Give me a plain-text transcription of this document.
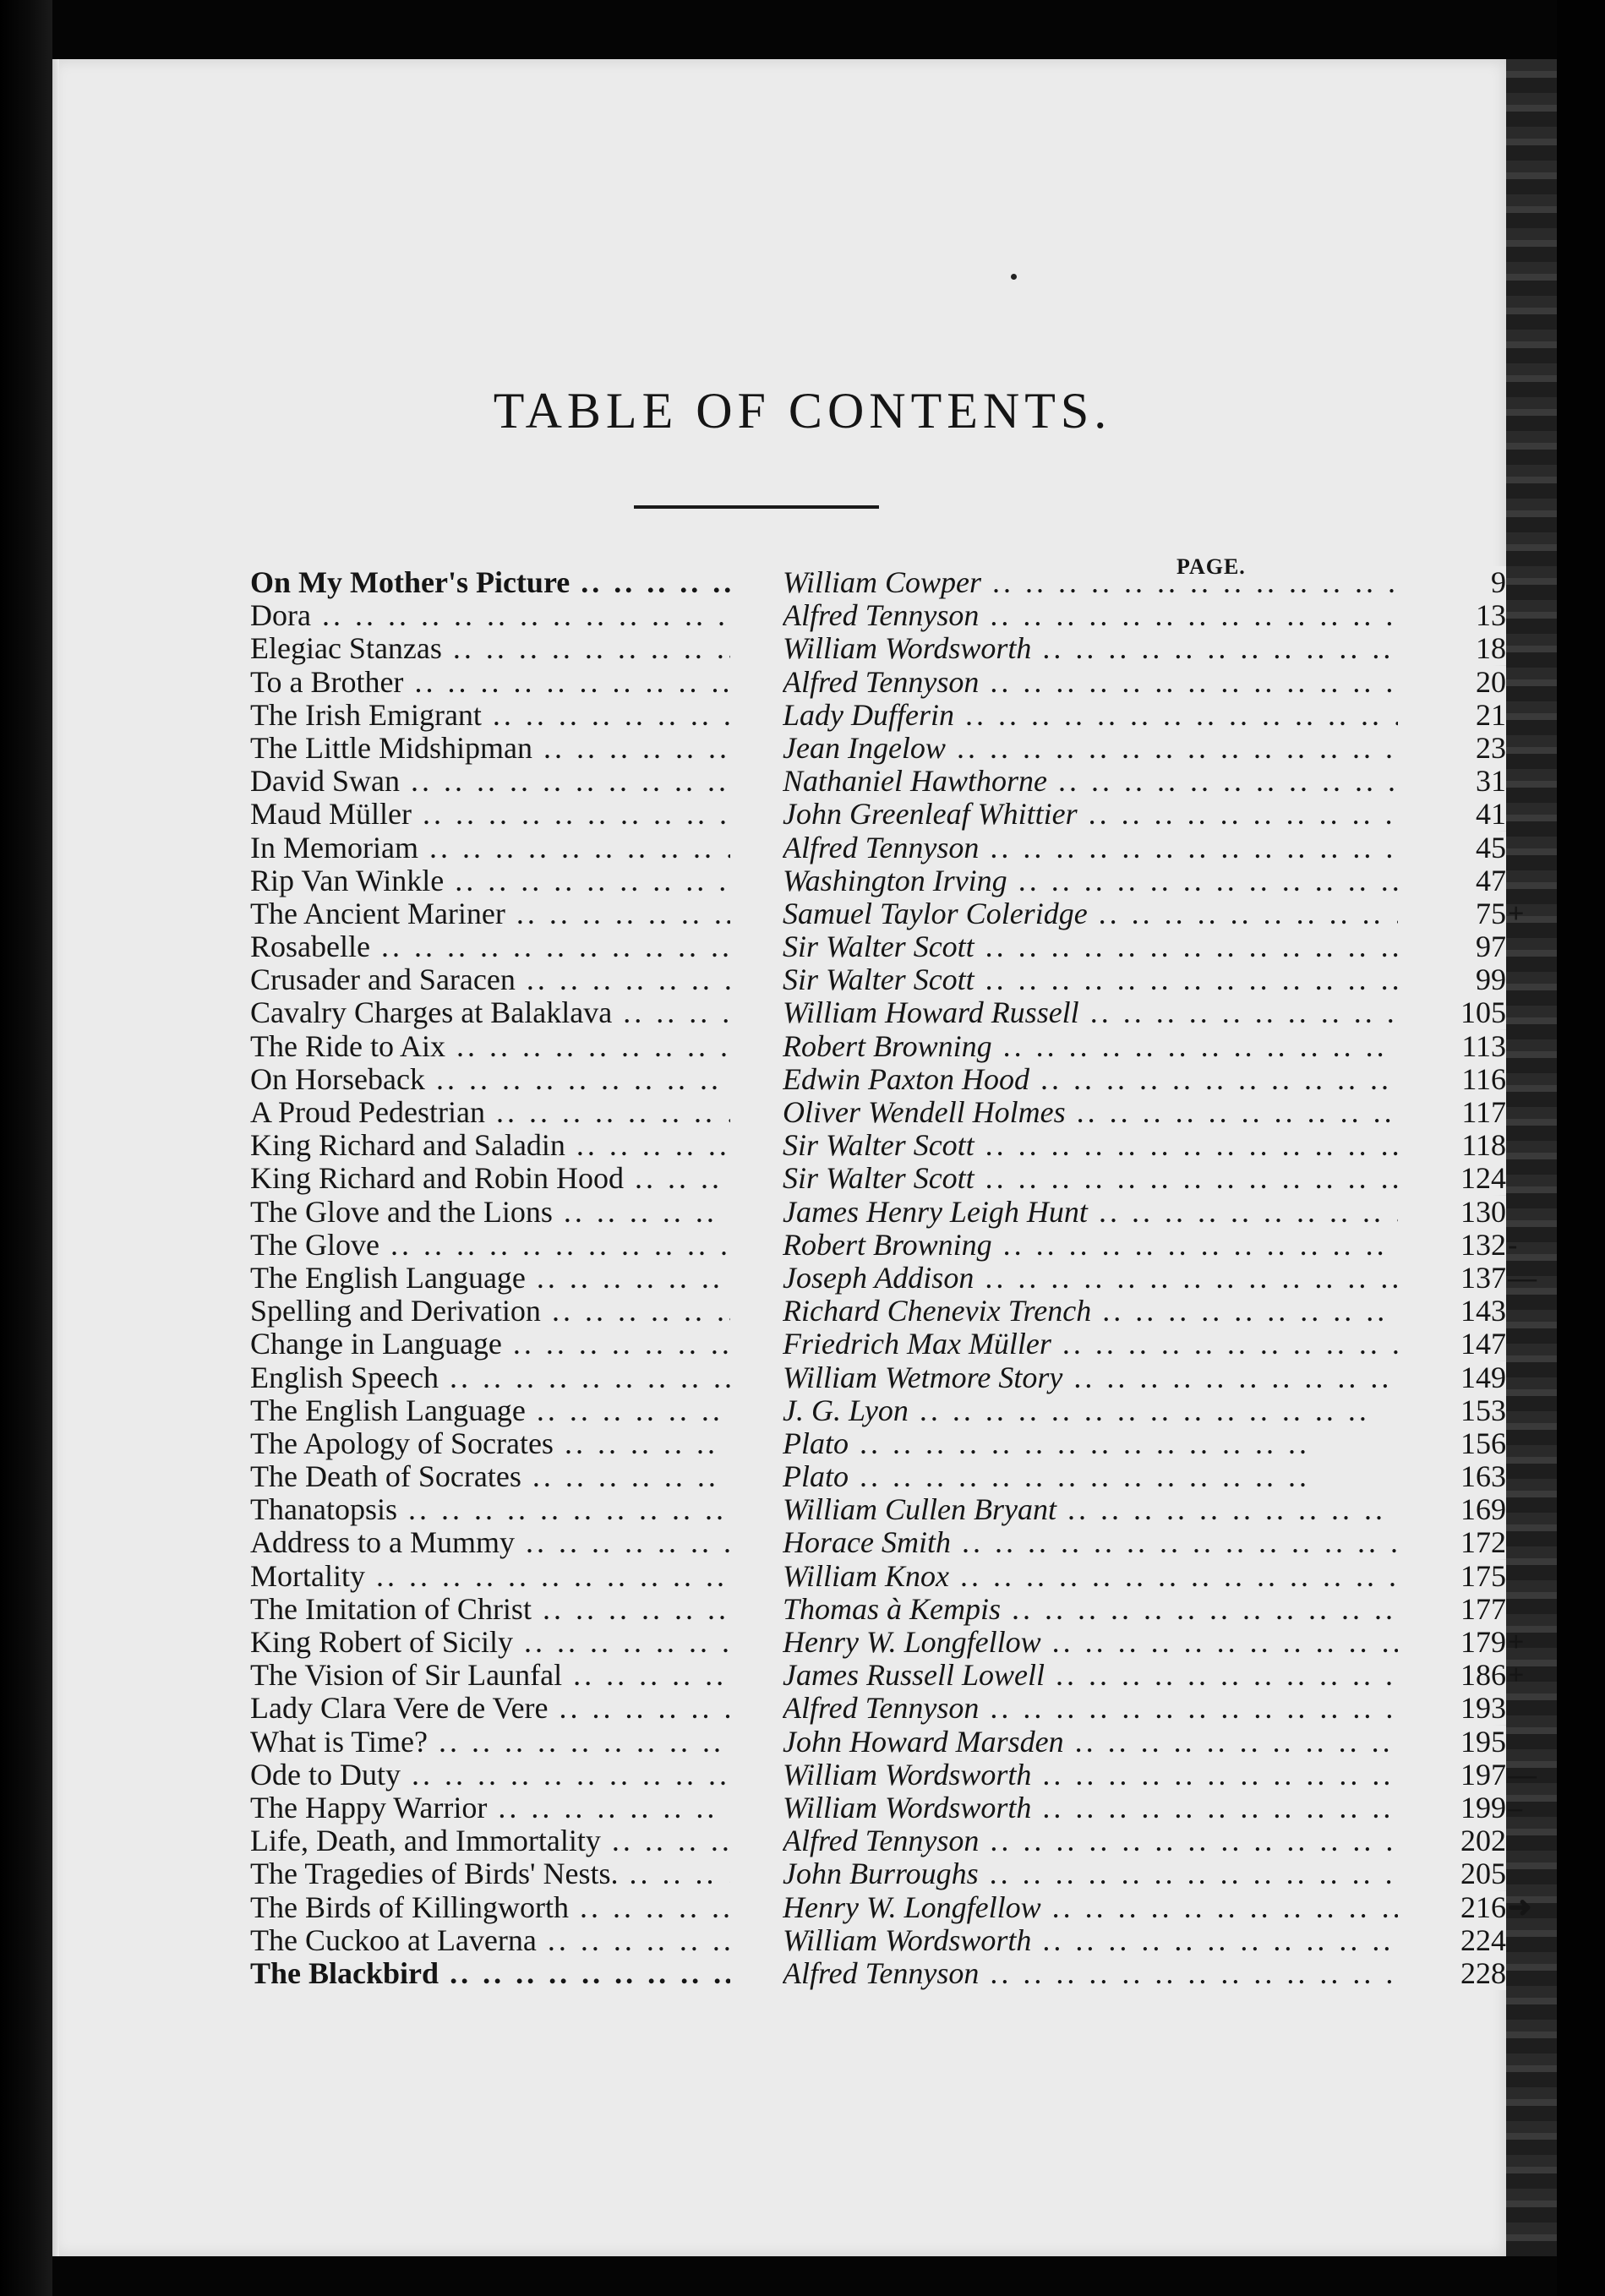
TABLE OF CONTENTS.
PAGE.
On My Mother's Picture .. ..	William Cowper .. ..	9
Dora .. ..	Alfred Tennyson .. ..	13
Elegiac Stanzas .. ..	William Wordsworth .. ..	18
To a Brother .. ..	Alfred Tennyson .. ..	20
The Irish Emigrant .. ..	Lady Dufferin .. ..	21
The Little Midshipman .. ..	Jean Ingelow .. ..	23
David Swan .. ..	Nathaniel Hawthorne .. ..	31
Maud Müller .. ..	John Greenleaf Whittier .. ..	41
In Memoriam .. ..	Alfred Tennyson .. ..	45
Rip Van Winkle .. ..	Washington Irving .. ..	47
The Ancient Mariner .. ..	Samuel Taylor Coleridge .. ..	75 +
Rosabelle .. ..	Sir Walter Scott .. ..	97
Crusader and Saracen .. ..	Sir Walter Scott .. ..	99
Cavalry Charges at Balaklava .. ..	William Howard Russell .. ..	105
The Ride to Aix .. ..	Robert Browning .. ..	113
On Horseback .. ..	Edwin Paxton Hood .. ..	116
A Proud Pedestrian .. ..	Oliver Wendell Holmes .. ..	117
King Richard and Saladin .. ..	Sir Walter Scott .. ..	118
King Richard and Robin Hood .. ..	Sir Walter Scott .. ..	124
The Glove and the Lions .. ..	James Henry Leigh Hunt .. ..	130
The Glove .. ..	Robert Browning .. ..	132 -
The English Language .. ..	Joseph Addison .. ..	137 —
Spelling and Derivation .. ..	Richard Chenevix Trench .. ..	143
Change in Language .. ..	Friedrich Max Müller .. ..	147
English Speech .. ..	William Wetmore Story .. ..	149
The English Language .. ..	J. G. Lyon .. ..	153
The Apology of Socrates .. ..	Plato .. ..	156
The Death of Socrates .. ..	Plato .. ..	163
Thanatopsis .. ..	William Cullen Bryant .. ..	169
Address to a Mummy .. ..	Horace Smith .. ..	172
Mortality .. ..	William Knox .. ..	175
The Imitation of Christ .. ..	Thomas à Kempis .. ..	177
King Robert of Sicily .. ..	Henry W. Longfellow .. ..	179 +
The Vision of Sir Launfal .. ..	James Russell Lowell .. ..	186 +
Lady Clara Vere de Vere .. ..	Alfred Tennyson .. ..	193
What is Time? .. ..	John Howard Marsden .. ..	195
Ode to Duty .. ..	William Wordsworth .. ..	197 —
The Happy Warrior .. ..	William Wordsworth .. ..	199 –
Life, Death, and Immortality .. ..	Alfred Tennyson .. ..	202
The Tragedies of Birds' Nests. .. ..	John Burroughs .. ..	205
The Birds of Killingworth .. ..	Henry W. Longfellow .. ..	216 ➜
The Cuckoo at Laverna .. ..	William Wordsworth .. ..	224
The Blackbird .. ..	Alfred Tennyson .. ..	228
